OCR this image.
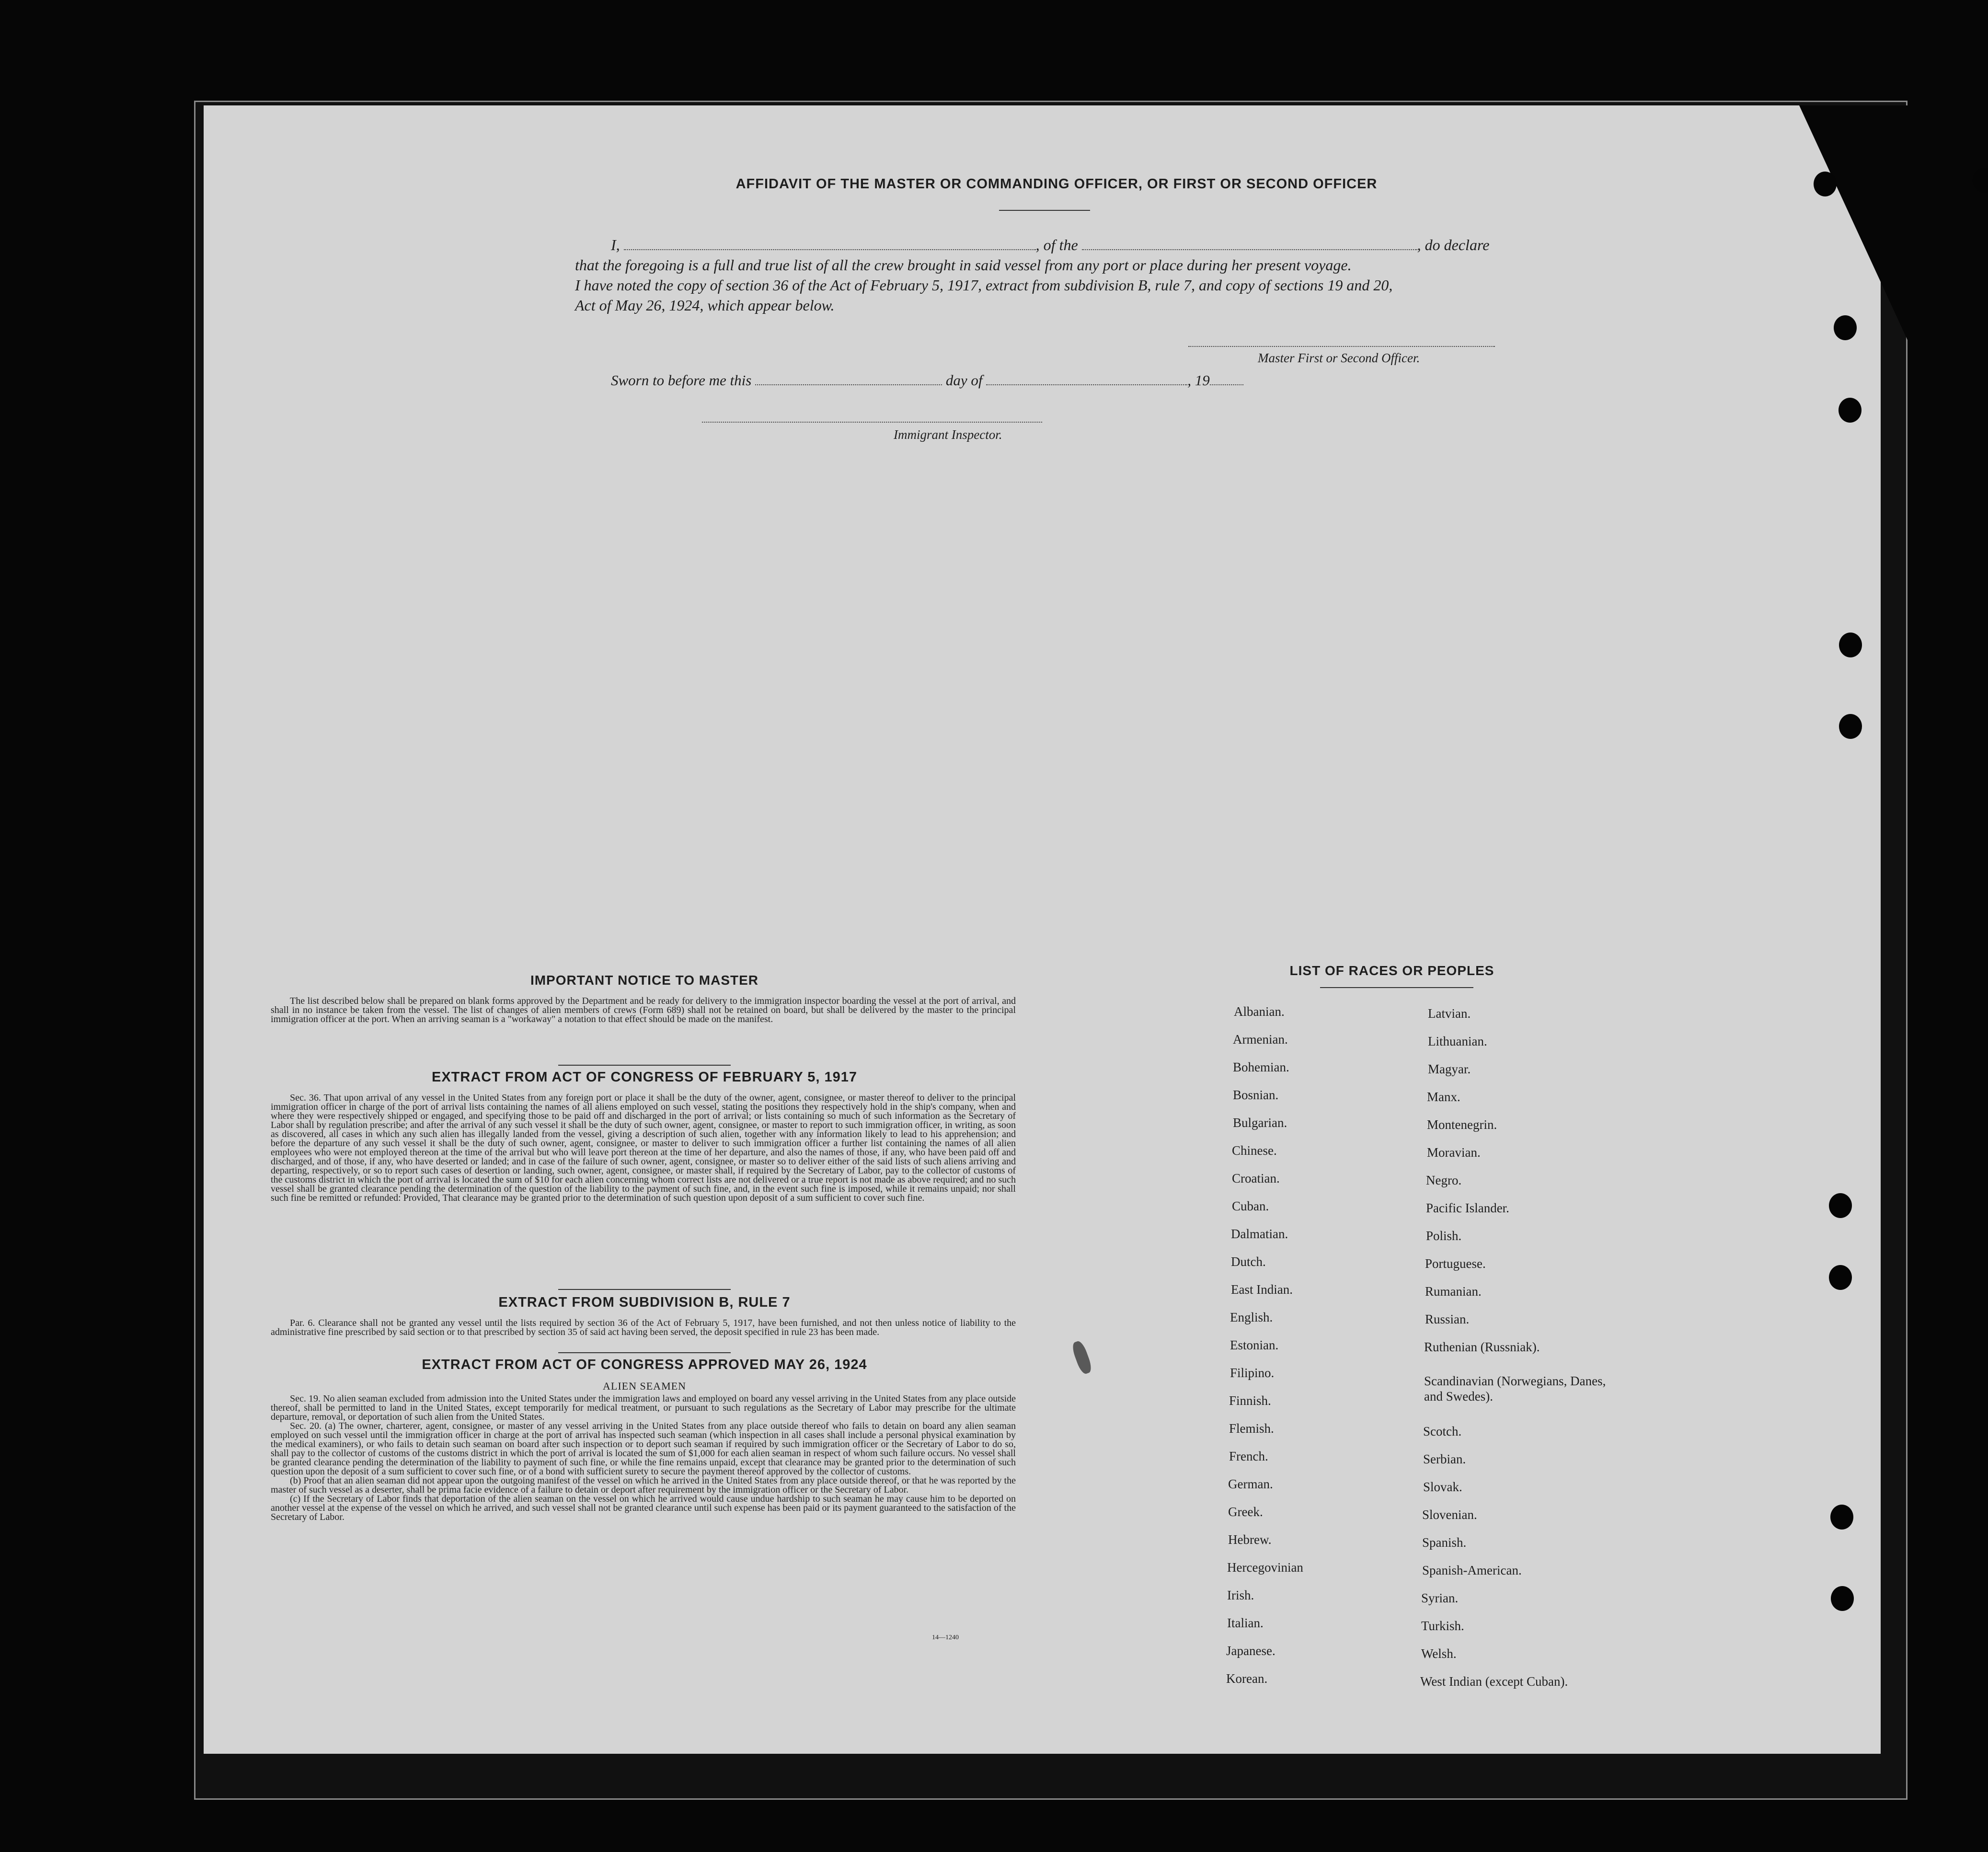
AFFIDAVIT OF THE MASTER OR COMMANDING OFFICER, OR FIRST OR SECOND OFFICER
I,	, of the	, do declare
that the foregoing is a full and true list of all the crew brought in said vessel from any port or place during her present voyage.
I have noted the copy of section 36 of the Act of February 5, 1917, extract from subdivision B, rule 7, and copy of sections 19 and 20,
Act of May 26, 1924, which appear below.
Master First or Second Officer.
Sworn to before me this	day of	, 19
Immigrant Inspector.
IMPORTANT NOTICE TO MASTER

The list described below shall be prepared on blank forms approved by the Department and be ready for delivery to the immigration inspector boarding the vessel at the port of arrival, and shall in no instance be taken from the vessel. The list of changes of alien members of crews (Form 689) shall not be retained on board, but shall be delivered by the master to the principal immigration officer at the port. When an arriving seaman is a "workaway" a notation to that effect should be made on the manifest.

EXTRACT FROM ACT OF CONGRESS OF FEBRUARY 5, 1917

Sec. 36. That upon arrival of any vessel in the United States from any foreign port or place it shall be the duty of the owner, agent, consignee, or master thereof to deliver to the principal immigration officer in charge of the port of arrival lists containing the names of all aliens employed on such vessel, stating the positions they respectively hold in the ship's company, when and where they were respectively shipped or engaged, and specifying those to be paid off and discharged in the port of arrival; or lists containing so much of such information as the Secretary of Labor shall by regulation prescribe; and after the arrival of any such vessel it shall be the duty of such owner, agent, consignee, or master to report to such immigration officer, in writing, as soon as discovered, all cases in which any such alien has illegally landed from the vessel, giving a description of such alien, together with any information likely to lead to his apprehension; and before the departure of any such vessel it shall be the duty of such owner, agent, consignee, or master to deliver to such immigration officer a further list containing the names of all alien employees who were not employed thereon at the time of the arrival but who will leave port thereon at the time of her departure, and also the names of those, if any, who have been paid off and discharged, and of those, if any, who have deserted or landed; and in case of the failure of such owner, agent, consignee, or master so to deliver either of the said lists of such aliens arriving and departing, respectively, or so to report such cases of desertion or landing, such owner, agent, consignee, or master shall, if required by the Secretary of Labor, pay to the collector of customs of the customs district in which the port of arrival is located the sum of $10 for each alien concerning whom correct lists are not delivered or a true report is not made as above required; and no such vessel shall be granted clearance pending the determination of the question of the liability to the payment of such fine, and, in the event such fine is imposed, while it remains unpaid; nor shall such fine be remitted or refunded: Provided, That clearance may be granted prior to the determination of such question upon deposit of a sum sufficient to cover such fine.

EXTRACT FROM SUBDIVISION B, RULE 7

Par. 6. Clearance shall not be granted any vessel until the lists required by section 36 of the Act of February 5, 1917, have been furnished, and not then unless notice of liability to the administrative fine prescribed by said section or to that prescribed by section 35 of said act having been served, the deposit specified in rule 23 has been made.

EXTRACT FROM ACT OF CONGRESS APPROVED MAY 26, 1924
ALIEN SEAMEN

Sec. 19. No alien seaman excluded from admission into the United States under the immigration laws and employed on board any vessel arriving in the United States from any place outside thereof, shall be permitted to land in the United States, except temporarily for medical treatment, or pursuant to such regulations as the Secretary of Labor may prescribe for the ultimate departure, removal, or deportation of such alien from the United States.

Sec. 20. (a) The owner, charterer, agent, consignee, or master of any vessel arriving in the United States from any place outside thereof who fails to detain on board any alien seaman employed on such vessel until the immigration officer in charge at the port of arrival has inspected such seaman (which inspection in all cases shall include a personal physical examination by the medical examiners), or who fails to detain such seaman on board after such inspection or to deport such seaman if required by such immigration officer or the Secretary of Labor to do so, shall pay to the collector of customs of the customs district in which the port of arrival is located the sum of $1,000 for each alien seaman in respect of whom such failure occurs. No vessel shall be granted clearance pending the determination of the liability to payment of such fine, or while the fine remains unpaid, except that clearance may be granted prior to the determination of such question upon the deposit of a sum sufficient to cover such fine, or of a bond with sufficient surety to secure the payment thereof approved by the collector of customs.

(b) Proof that an alien seaman did not appear upon the outgoing manifest of the vessel on which he arrived in the United States from any place outside thereof, or that he was reported by the master of such vessel as a deserter, shall be prima facie evidence of a failure to detain or deport after requirement by the immigration officer or the Secretary of Labor.

(c) If the Secretary of Labor finds that deportation of the alien seaman on the vessel on which he arrived would cause undue hardship to such seaman he may cause him to be deported on another vessel at the expense of the vessel on which he arrived, and such vessel shall not be granted clearance until such expense has been paid or its payment guaranteed to the satisfaction of the Secretary of Labor.

14—1240
LIST OF RACES OR PEOPLES
Albanian.
Armenian.
Bohemian.
Bosnian.
Bulgarian.
Chinese.
Croatian.
Cuban.
Dalmatian.
Dutch.
East Indian.
English.
Estonian.
Filipino.
Finnish.
Flemish.
French.
German.
Greek.
Hebrew.
Hercegovinian
Irish.
Italian.
Japanese.
Korean.
Latvian.
Lithuanian.
Magyar.
Manx.
Montenegrin.
Moravian.
Negro.
Pacific Islander.
Polish.
Portuguese.
Rumanian.
Russian.
Ruthenian (Russniak).
Scandinavian (Norwegians, Danes, and Swedes).
Scotch.
Serbian.
Slovak.
Slovenian.
Spanish.
Spanish-American.
Syrian.
Turkish.
Welsh.
West Indian (except Cuban).
